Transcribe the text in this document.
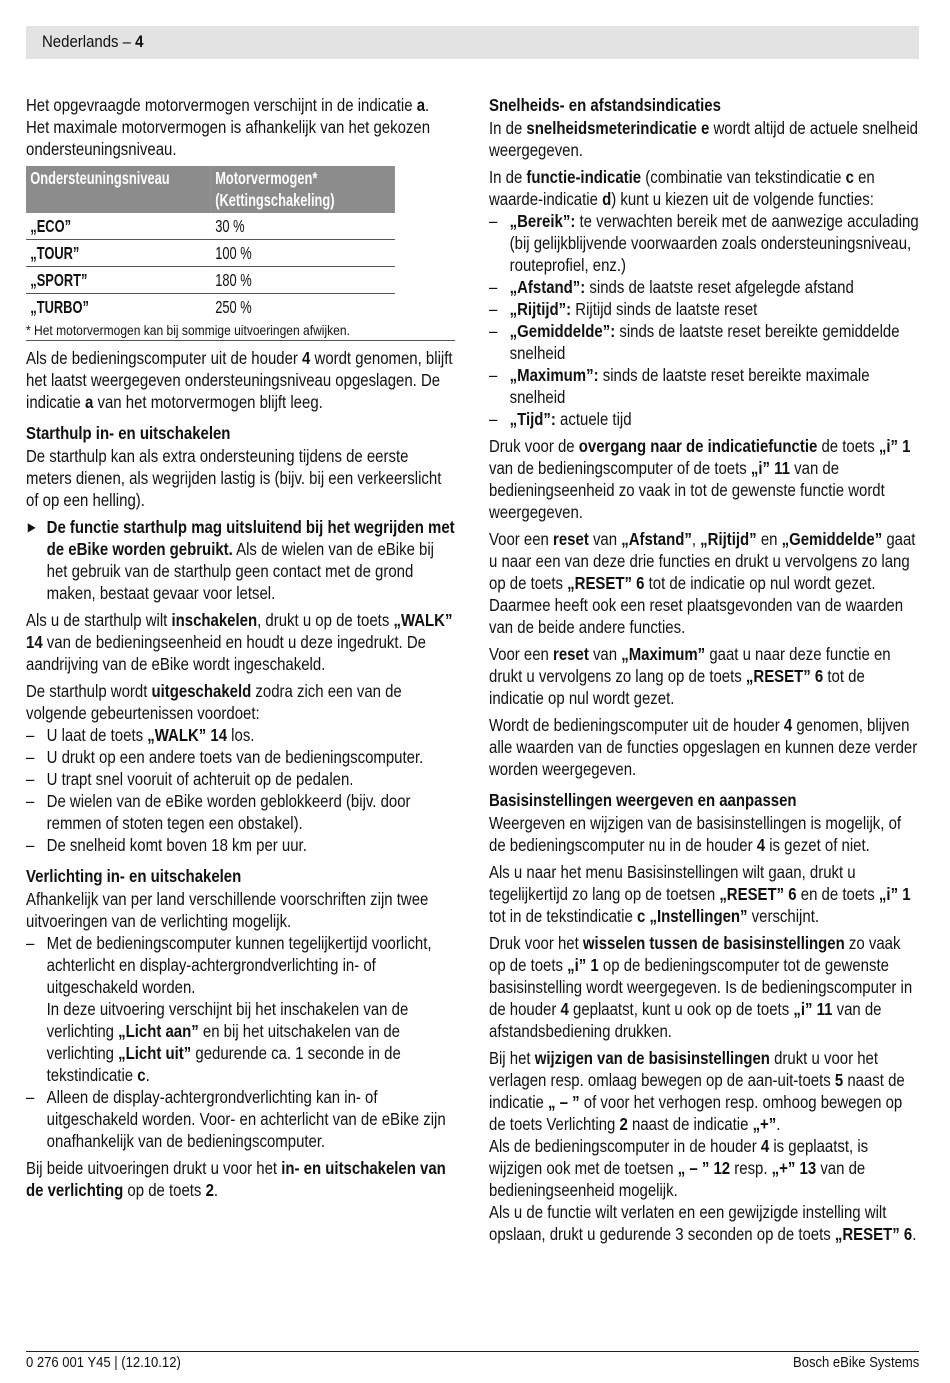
Nederlands – 4

Het opgevraagde motorvermogen verschijnt in de indicatie a. Het maximale motorvermogen is afhankelijk van het gekozen ondersteuningsniveau.

Ondersteuningsniveau	Motorvermogen*
(Kettingschakeling)

„ECO”	30 %

„TOUR”	100 %

„SPORT”	180 %

„TURBO”	250 %
* Het motorvermogen kan bij sommige uitvoeringen afwijken.

Als de bedieningscomputer uit de houder 4 wordt genomen, blijft het laatst weergegeven ondersteuningsniveau opgeslagen. De indicatie a van het motorvermogen blijft leeg.

Starthulp in- en uitschakelen

De starthulp kan als extra ondersteuning tijdens de eerste meters dienen, als wegrijden lastig is (bijv. bij een verkeerslicht of op een helling).

▶ De functie starthulp mag uitsluitend bij het wegrijden met de eBike worden gebruikt. Als de wielen van de eBike bij het gebruik van de starthulp geen contact met de grond maken, bestaat gevaar voor letsel.

Als u de starthulp wilt inschakelen, drukt u op de toets „WALK” 14 van de bedieningseenheid en houdt u deze ingedrukt. De aandrijving van de eBike wordt ingeschakeld.

De starthulp wordt uitgeschakeld zodra zich een van de volgende gebeurtenissen voordoet:

– U laat de toets „WALK” 14 los.
– U drukt op een andere toets van de bedieningscomputer.
– U trapt snel vooruit of achteruit op de pedalen.
– De wielen van de eBike worden geblokkeerd (bijv. door remmen of stoten tegen een obstakel).
– De snelheid komt boven 18 km per uur.
Verlichting in- en uitschakelen

Afhankelijk van per land verschillende voorschriften zijn twee uitvoeringen van de verlichting mogelijk.

– Met de bedieningscomputer kunnen tegelijkertijd voorlicht, achterlicht en display-achtergrondverlichting in- of uitgeschakeld worden.
In deze uitvoering verschijnt bij het inschakelen van de verlichting „Licht aan” en bij het uitschakelen van de verlichting „Licht uit” gedurende ca. 1 seconde in de tekstindicatie c.
– Alleen de display-achtergrondverlichting kan in- of uitgeschakeld worden. Voor- en achterlicht van de eBike zijn onafhankelijk van de bedieningscomputer.

Bij beide uitvoeringen drukt u voor het in- en uitschakelen van de verlichting op de toets 2.

Snelheids- en afstandsindicaties

In de snelheidsmeterindicatie e wordt altijd de actuele snelheid weergegeven.

In de functie-indicatie (combinatie van tekstindicatie c en waarde-indicatie d) kunt u kiezen uit de volgende functies:

– „Bereik”: te verwachten bereik met de aanwezige acculading (bij gelijkblijvende voorwaarden zoals ondersteuningsniveau, routeprofiel, enz.)
– „Afstand”: sinds de laatste reset afgelegde afstand
– „Rijtijd”: Rijtijd sinds de laatste reset
– „Gemiddelde”: sinds de laatste reset bereikte gemiddelde snelheid
– „Maximum”: sinds de laatste reset bereikte maximale snelheid
– „Tijd”: actuele tijd

Druk voor de overgang naar de indicatiefunctie de toets „i” 1 van de bedieningscomputer of de toets „i” 11 van de bedieningseenheid zo vaak in tot de gewenste functie wordt weergegeven.

Voor een reset van „Afstand”, „Rijtijd” en „Gemiddelde” gaat u naar een van deze drie functies en drukt u vervolgens zo lang op de toets „RESET” 6 tot de indicatie op nul wordt gezet. Daarmee heeft ook een reset plaatsgevonden van de waarden van de beide andere functies.

Voor een reset van „Maximum” gaat u naar deze functie en drukt u vervolgens zo lang op de toets „RESET” 6 tot de indicatie op nul wordt gezet.

Wordt de bedieningscomputer uit de houder 4 genomen, blijven alle waarden van de functies opgeslagen en kunnen deze verder worden weergegeven.

Basisinstellingen weergeven en aanpassen

Weergeven en wijzigen van de basisinstellingen is mogelijk, of de bedieningscomputer nu in de houder 4 is gezet of niet.

Als u naar het menu Basisinstellingen wilt gaan, drukt u tegelijkertijd zo lang op de toetsen „RESET” 6 en de toets „i” 1 tot in de tekstindicatie c „Instellingen” verschijnt.

Druk voor het wisselen tussen de basisinstellingen zo vaak op de toets „i” 1 op de bedieningscomputer tot de gewenste basisinstelling wordt weergegeven. Is de bedieningscomputer in de houder 4 geplaatst, kunt u ook op de toets „i” 11 van de afstandsbediening drukken.

Bij het wijzigen van de basisinstellingen drukt u voor het verlagen resp. omlaag bewegen op de aan-uit-toets 5 naast de indicatie „ – ” of voor het verhogen resp. omhoog bewegen op de toets Verlichting 2 naast de indicatie „+”.
Als de bedieningscomputer in de houder 4 is geplaatst, is wijzigen ook met de toetsen „ – ” 12 resp. „+” 13 van de bedieningseenheid mogelijk.
Als u de functie wilt verlaten en een gewijzigde instelling wilt opslaan, drukt u gedurende 3 seconden op de toets „RESET” 6.

0 276 001 Y45 | (12.10.12)	Bosch eBike Systems
